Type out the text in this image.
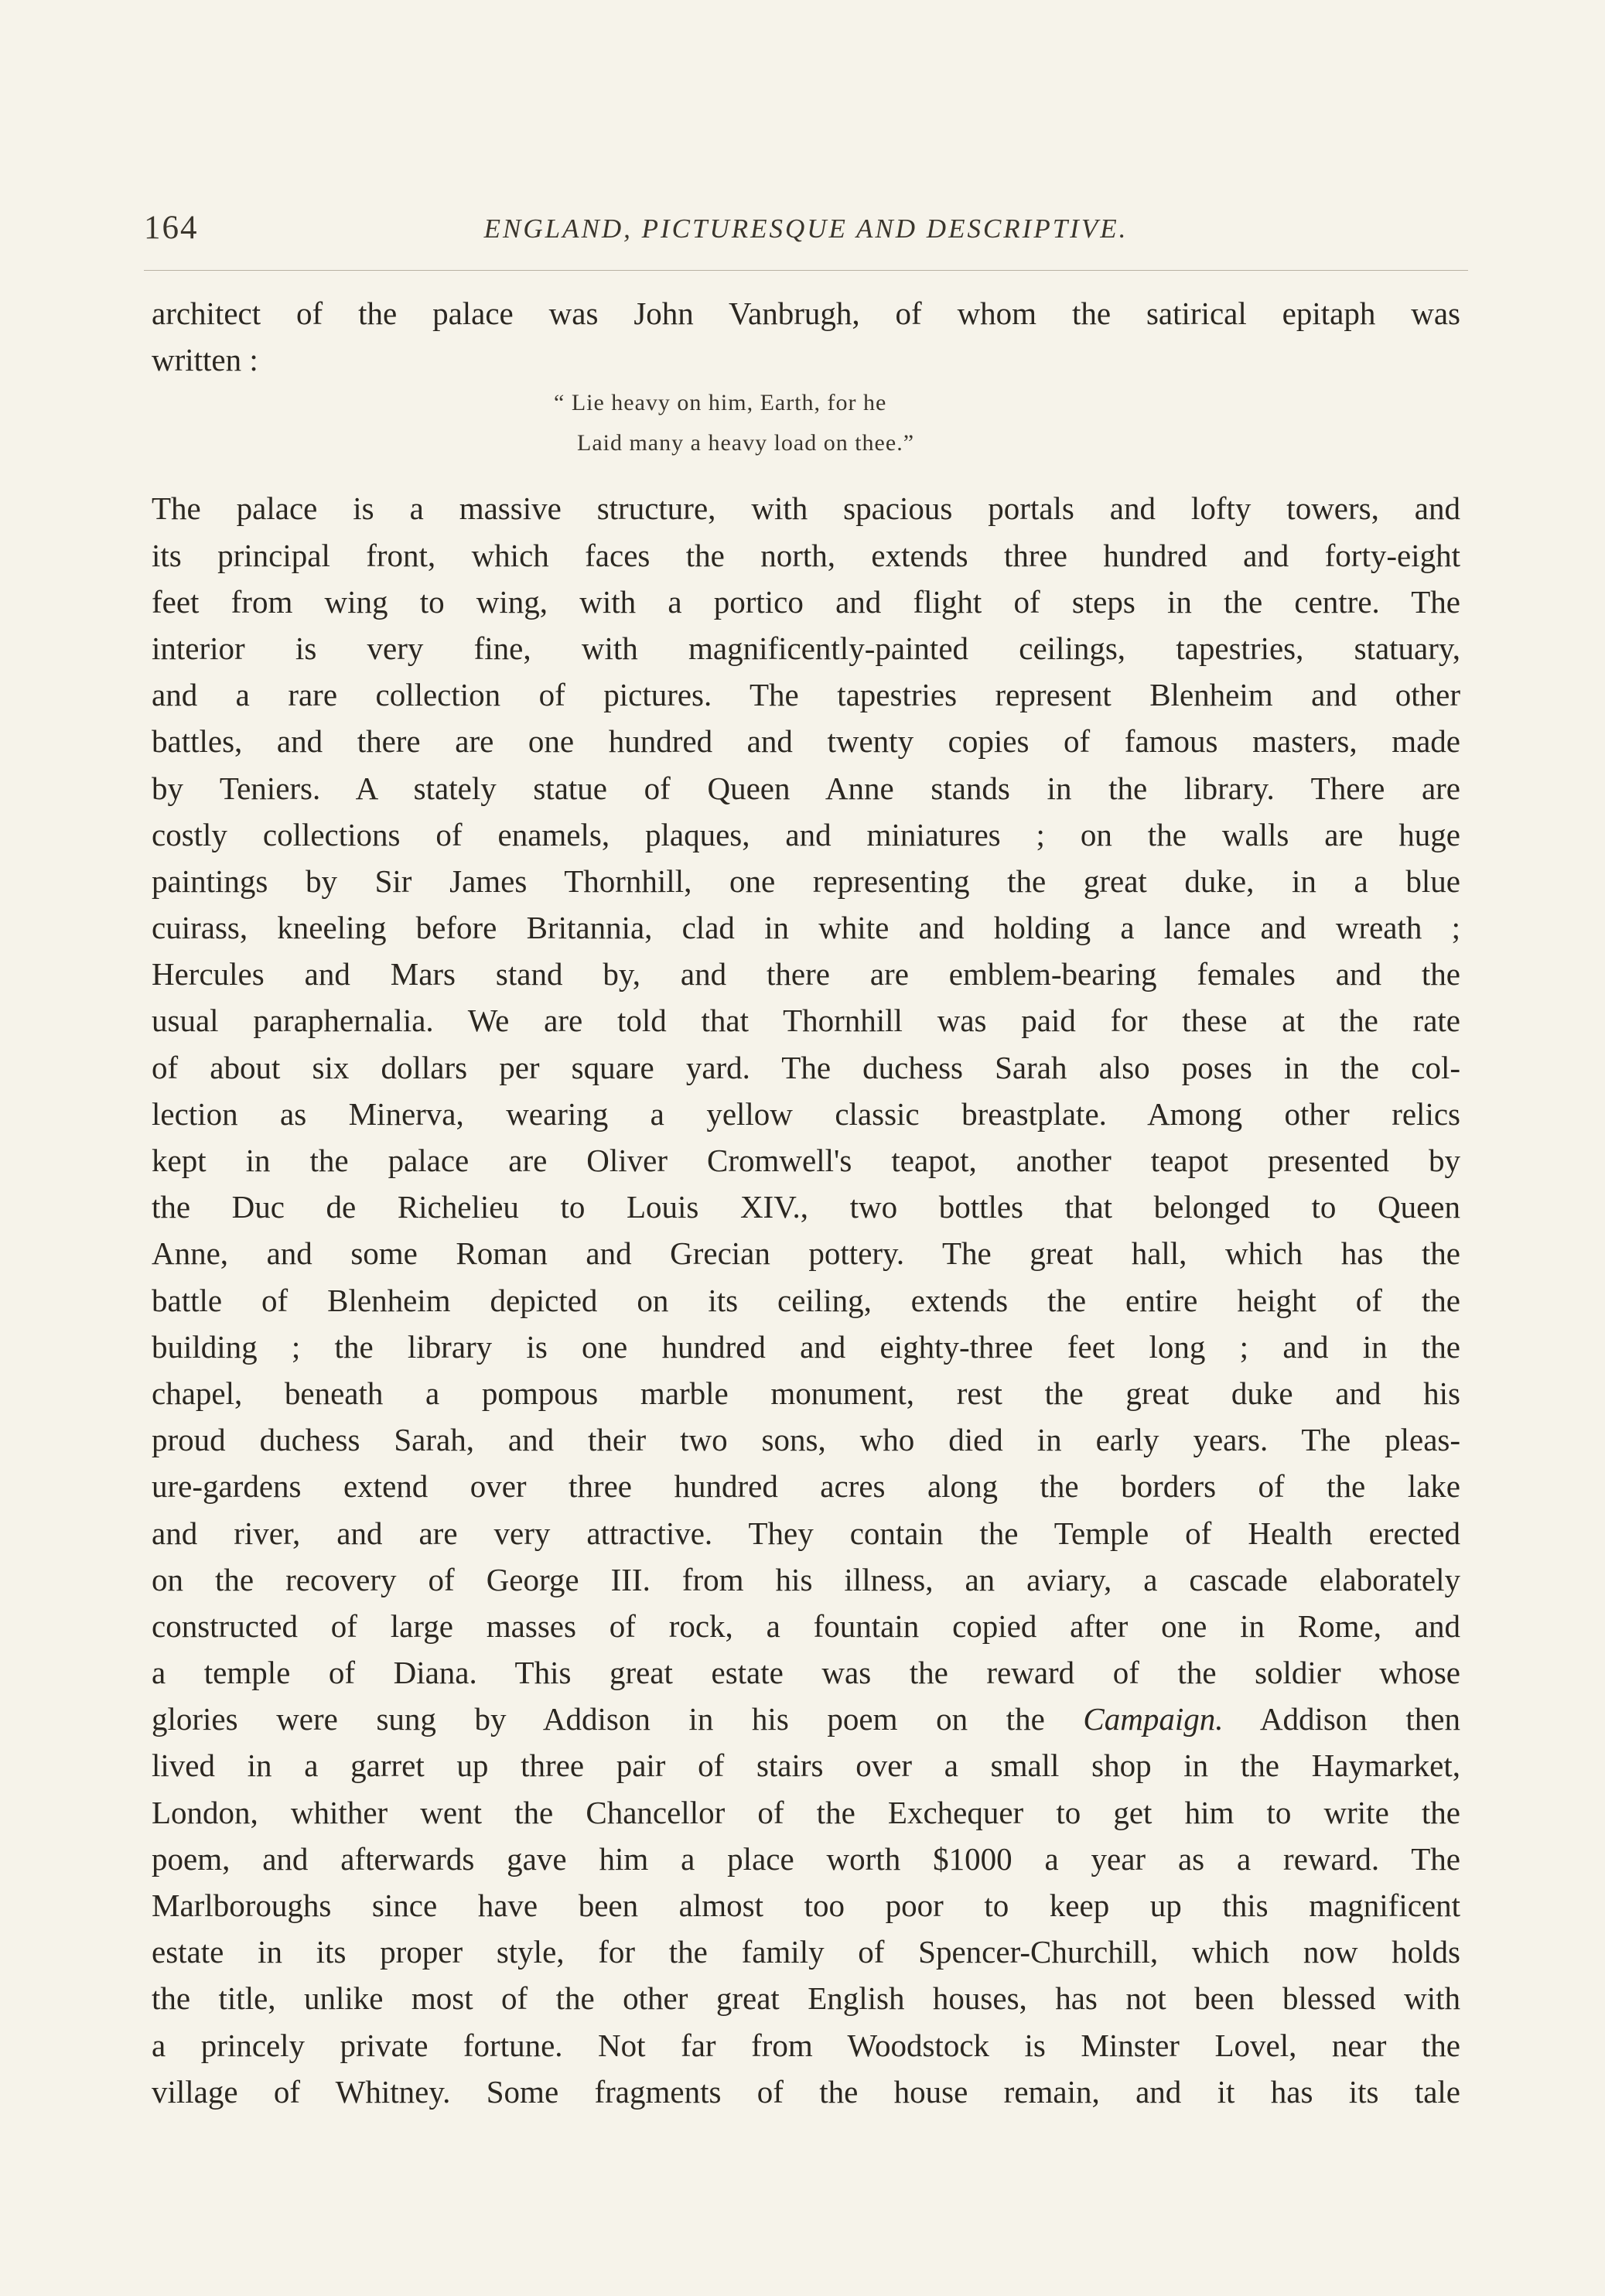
164	ENGLAND, PICTURESQUE AND DESCRIPTIVE.
architect of the palace was John Vanbrugh, of whom the satirical epitaph was
written :
“ Lie heavy on him, Earth, for he
Laid many a heavy load on thee.”
The palace is a massive structure, with spacious portals and lofty towers, and
its principal front, which faces the north, extends three hundred and forty-eight
feet from wing to wing, with a portico and flight of steps in the centre. The
interior is very fine, with magnificently-painted ceilings, tapestries, statuary,
and a rare collection of pictures. The tapestries represent Blenheim and other
battles, and there are one hundred and twenty copies of famous masters, made
by Teniers. A stately statue of Queen Anne stands in the library. There are
costly collections of enamels, plaques, and miniatures ; on the walls are huge
paintings by Sir James Thornhill, one representing the great duke, in a blue
cuirass, kneeling before Britannia, clad in white and holding a lance and wreath ;
Hercules and Mars stand by, and there are emblem-bearing females and the
usual paraphernalia. We are told that Thornhill was paid for these at the rate
of about six dollars per square yard. The duchess Sarah also poses in the col-
lection as Minerva, wearing a yellow classic breastplate. Among other relics
kept in the palace are Oliver Cromwell's teapot, another teapot presented by
the Duc de Richelieu to Louis XIV., two bottles that belonged to Queen
Anne, and some Roman and Grecian pottery. The great hall, which has the
battle of Blenheim depicted on its ceiling, extends the entire height of the
building ; the library is one hundred and eighty-three feet long ; and in the
chapel, beneath a pompous marble monument, rest the great duke and his
proud duchess Sarah, and their two sons, who died in early years. The pleas-
ure-gardens extend over three hundred acres along the borders of the lake
and river, and are very attractive. They contain the Temple of Health erected
on the recovery of George III. from his illness, an aviary, a cascade elaborately
constructed of large masses of rock, a fountain copied after one in Rome, and
a temple of Diana. This great estate was the reward of the soldier whose
glories were sung by Addison in his poem on the Campaign. Addison then
lived in a garret up three pair of stairs over a small shop in the Haymarket,
London, whither went the Chancellor of the Exchequer to get him to write the
poem, and afterwards gave him a place worth $1000 a year as a reward. The
Marlboroughs since have been almost too poor to keep up this magnificent
estate in its proper style, for the family of Spencer-Churchill, which now holds
the title, unlike most of the other great English houses, has not been blessed with
a princely private fortune. Not far from Woodstock is Minster Lovel, near the
village of Whitney. Some fragments of the house remain, and it has its tale
